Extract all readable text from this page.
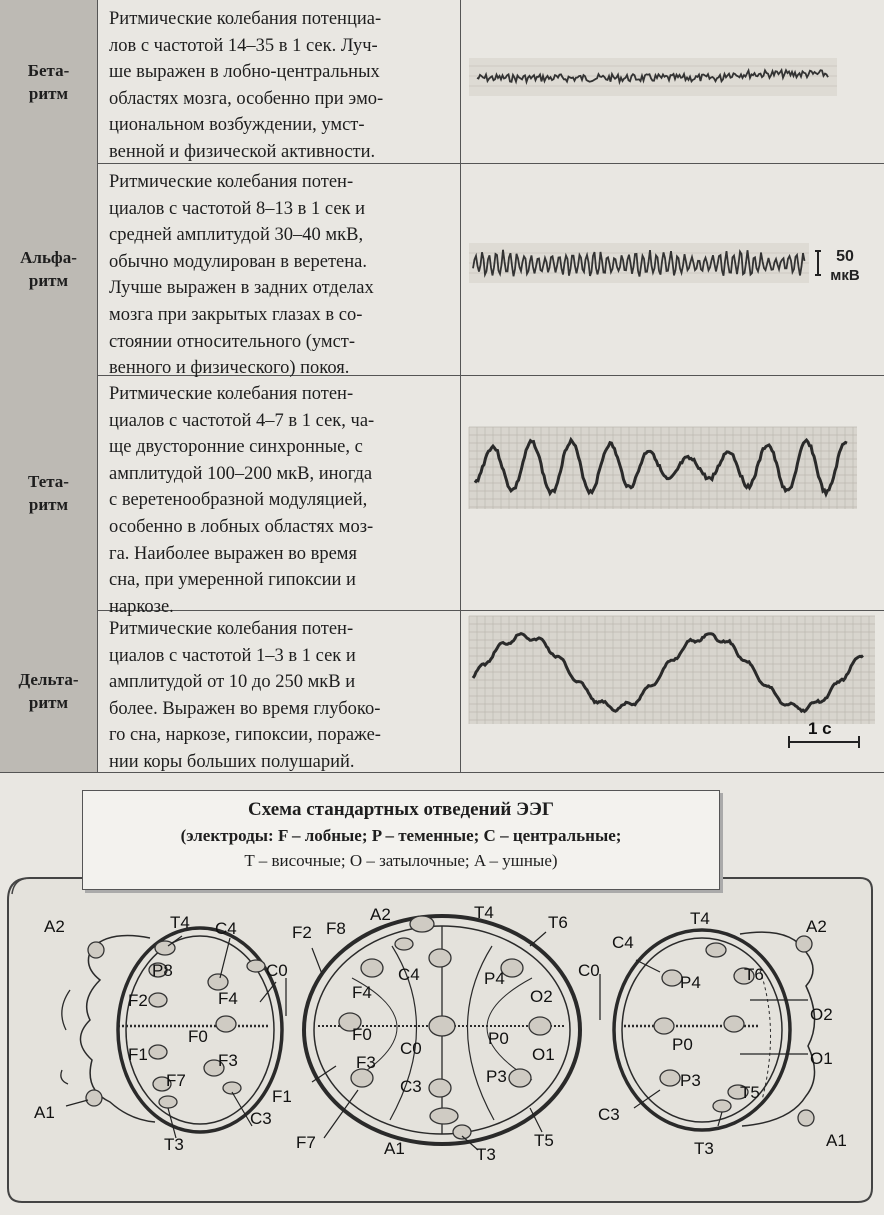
Бета-
ритм
Ритмические колебания потенциа-
лов с частотой 14–35 в 1 сек. Луч-
ше выражен в лобно-центральных
областях мозга, особенно при эмо-
циональном возбуждении, умст-
венной и физической активности.
Альфа-
ритм
Ритмические колебания потен-
циалов с частотой 8–13 в 1 сек и
средней амплитудой 30–40 мкВ,
обычно модулирован в веретена.
Лучше выражен в задних отделах
мозга при закрытых глазах в со-
стоянии относительного (умст-
венного и физического) покоя.
50
мкВ
Тета-
ритм
Ритмические колебания потен-
циалов с частотой 4–7 в 1 сек, ча-
ще двусторонние синхронные, с
амплитудой 100–200 мкВ, иногда
с веретенообразной модуляцией,
особенно в лобных областях моз-
га. Наиболее выражен во время
сна, при умеренной гипоксии и
наркозе.
Дельта-
ритм
Ритмические колебания потен-
циалов с частотой 1–3 в 1 сек и
амплитудой от 10 до 250 мкВ и
более. Выражен во время глубоко-
го сна, наркозе, гипоксии, пораже-
нии коры больших полушарий.
1 с
A2	T4 C4
P8	C0
F4
F2
F0
F1	F3
F7
A1
T3
C3
F2 F8
A2	T4
T6
C4	P4	C0
O2
F4
F0
C0
P0
O1
F3
P3
C3
F1
F7	A1	T3
T5
T4	A2
C4
P4	T6
O2
O1
P0
P3
T5
C3
T3	A1
Схема стандартных отведений ЭЭГ
(электроды: F – лобные; P – теменные; C – центральные;
T – височные; O – затылочные; A – ушные)
